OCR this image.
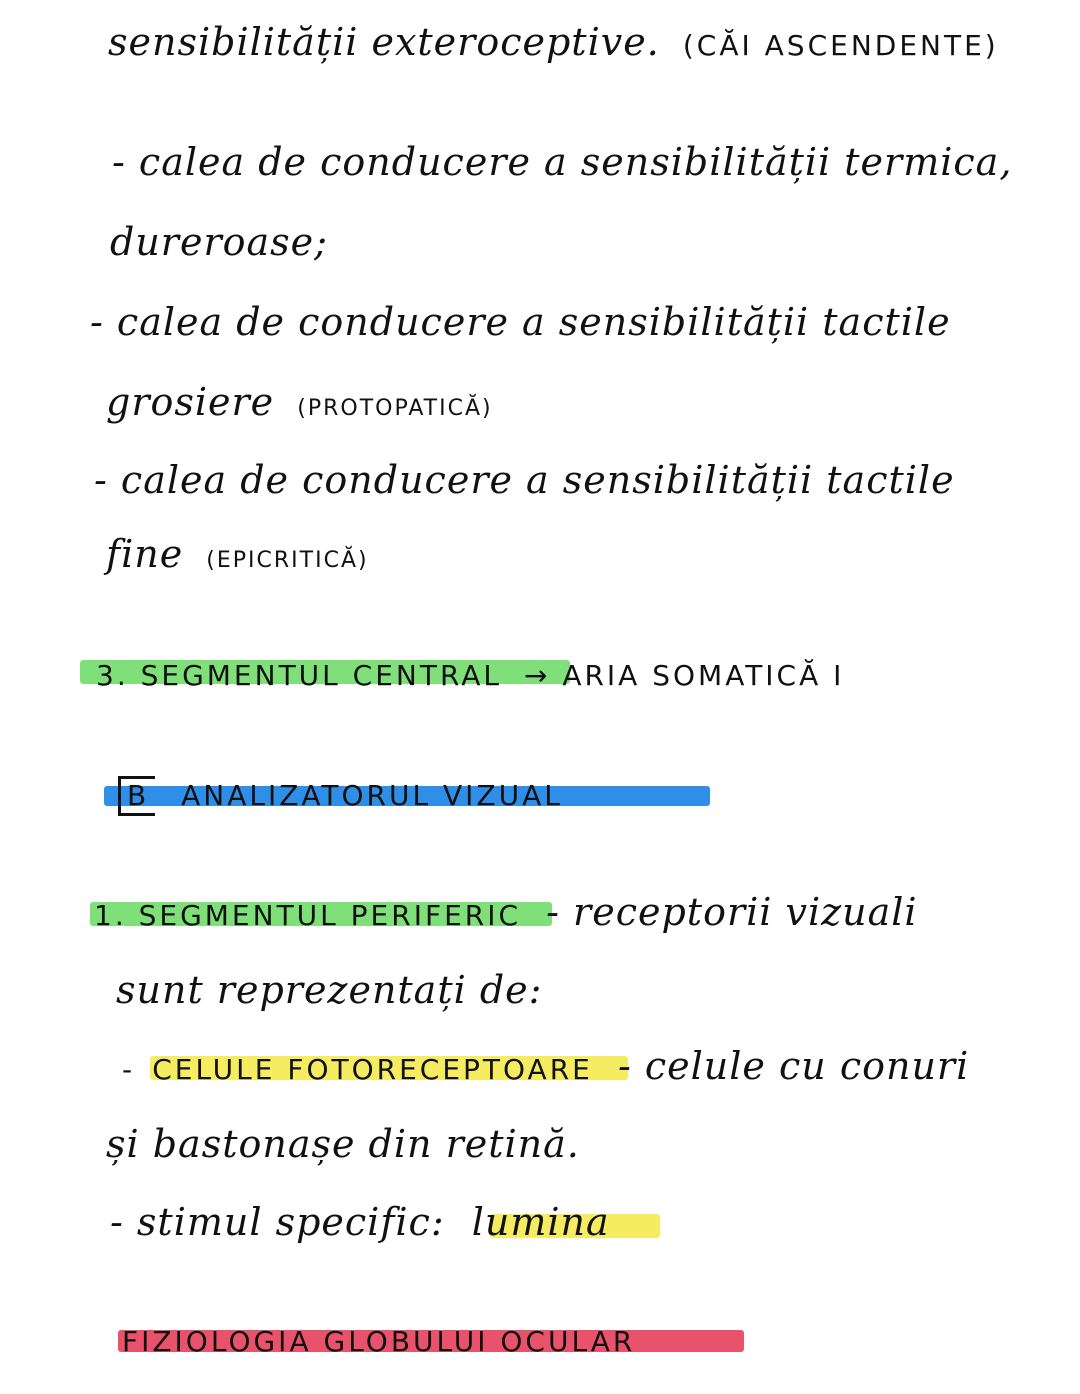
sensibilității exteroceptive. (CĂI ASCENDENTE)
- calea de conducere a sensibilității termica,
dureroase;
- calea de conducere a sensibilității tactile
grosiere (PROTOPATICĂ)
- calea de conducere a sensibilității tactile
fine (EPICRITICĂ)
3. SEGMENTUL CENTRAL → ARIA SOMATICĂ I
B ANALIZATORUL VIZUAL
1. SEGMENTUL PERIFERIC - receptorii vizuali
sunt reprezentați de:
- CELULE FOTORECEPTOARE - celule cu conuri
și bastonașe din retină.
- stimul specific: lumina
FIZIOLOGIA GLOBULUI OCULAR
